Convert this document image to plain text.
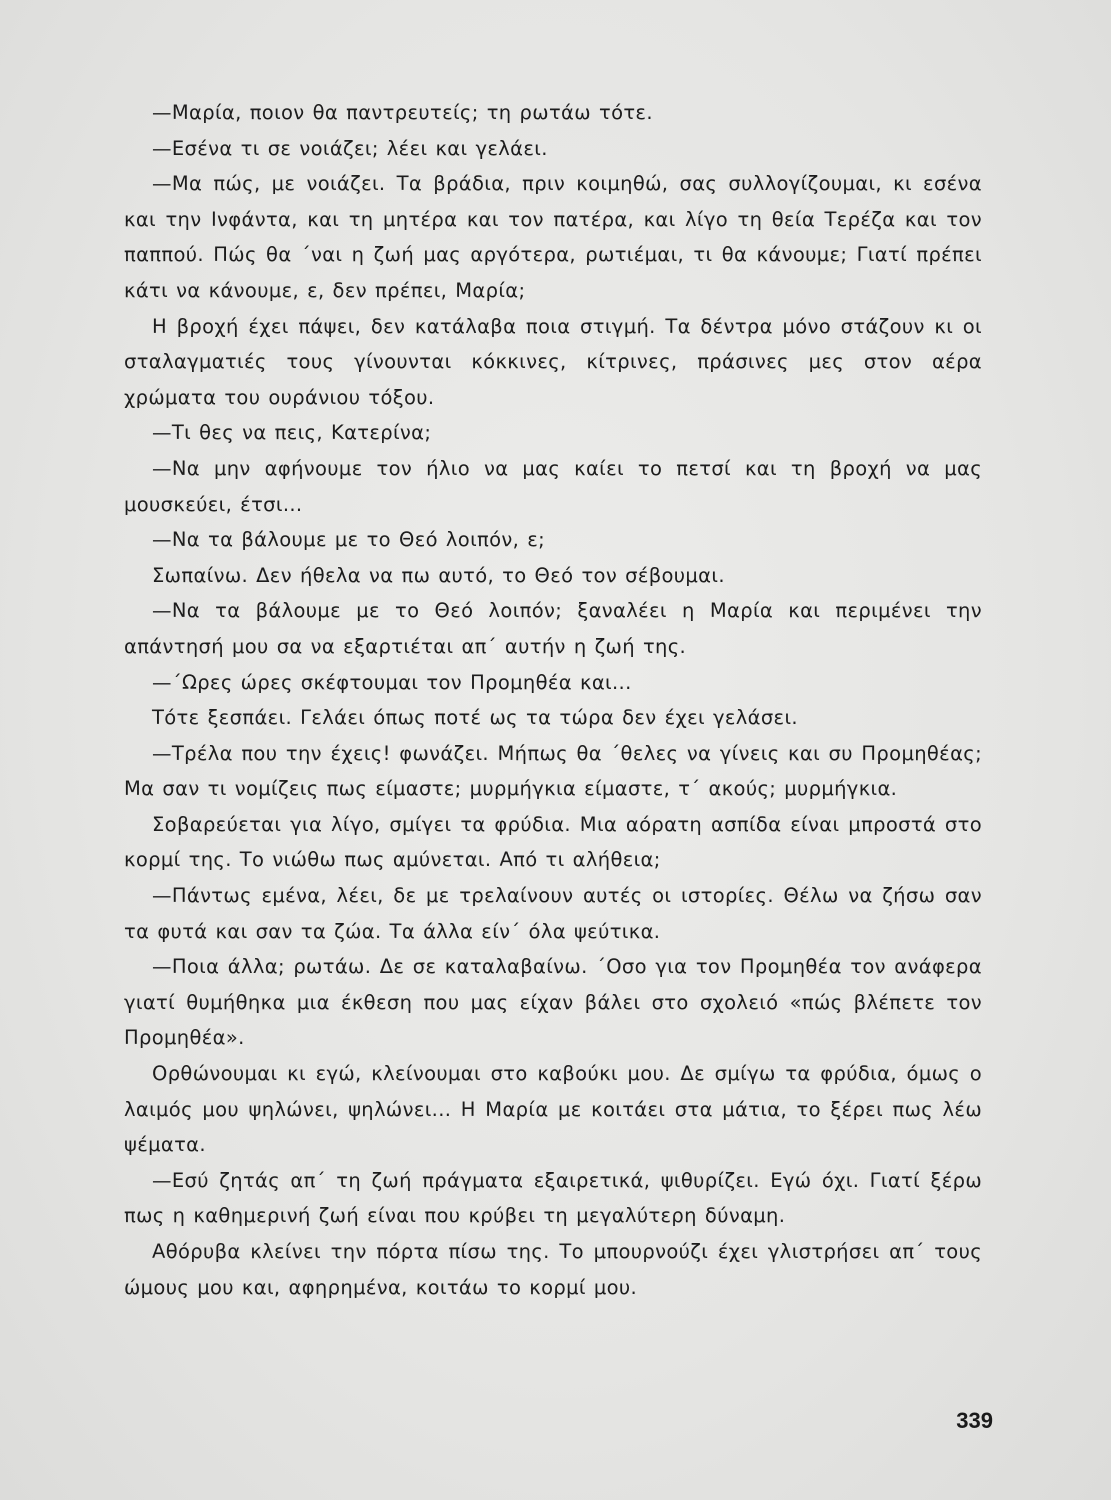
—Μαρία, ποιον θα παντρευτείς; τη ρωτάω τότε.

—Εσένα τι σε νοιάζει; λέει και γελάει.

—Μα πώς, με νοιάζει. Τα βράδια, πριν κοιμηθώ, σας συλλογίζουμαι, κι εσένα και την Ινφάντα, και τη μητέρα και τον πατέρα, και λίγο τη θεία Τερέζα και τον παππού. Πώς θα ΄ναι η ζωή μας αργότερα, ρωτιέμαι, τι θα κάνουμε; Γιατί πρέπει κάτι να κάνουμε, ε, δεν πρέπει, Μαρία;

Η βροχή έχει πάψει, δεν κατάλαβα ποια στιγμή. Τα δέντρα μόνο στάζουν κι οι σταλαγματιές τους γίνουνται κόκκινες, κίτρινες, πράσινες μες στον αέρα χρώματα του ουράνιου τόξου.

—Τι θες να πεις, Κατερίνα;

—Να μην αφήνουμε τον ήλιο να μας καίει το πετσί και τη βροχή να μας μουσκεύει, έτσι...

—Να τα βάλουμε με το Θεό λοιπόν, ε;

Σωπαίνω. Δεν ήθελα να πω αυτό, το Θεό τον σέβουμαι.

—Να τα βάλουμε με το Θεό λοιπόν; ξαναλέει η Μαρία και περιμένει την απάντησή μου σα να εξαρτιέται απ΄ αυτήν η ζωή της.

—΄Ωρες ώρες σκέφτουμαι τον Προμηθέα και...

Τότε ξεσπάει. Γελάει όπως ποτέ ως τα τώρα δεν έχει γελάσει.

—Τρέλα που την έχεις! φωνάζει. Μήπως θα ΄θελες να γίνεις και συ Προμηθέας; Μα σαν τι νομίζεις πως είμαστε; μυρμήγκια είμαστε, τ΄ ακούς; μυρμήγκια.

Σοβαρεύεται για λίγο, σμίγει τα φρύδια. Μια αόρατη ασπίδα είναι μπροστά στο κορμί της. Το νιώθω πως αμύνεται. Από τι αλήθεια;

—Πάντως εμένα, λέει, δε με τρελαίνουν αυτές οι ιστορίες. Θέλω να ζήσω σαν τα φυτά και σαν τα ζώα. Τα άλλα είν΄ όλα ψεύτικα.

—Ποια άλλα; ρωτάω. Δε σε καταλαβαίνω. ΄Οσο για τον Προμηθέα τον ανάφερα γιατί θυμήθηκα μια έκθεση που μας είχαν βάλει στο σχολειό «πώς βλέπετε τον Προμηθέα».

Ορθώνουμαι κι εγώ, κλείνουμαι στο καβούκι μου. Δε σμίγω τα φρύδια, όμως ο λαιμός μου ψηλώνει, ψηλώνει... Η Μαρία με κοιτάει στα μάτια, το ξέρει πως λέω ψέματα.

—Εσύ ζητάς απ΄ τη ζωή πράγματα εξαιρετικά, ψιθυρίζει. Εγώ όχι. Γιατί ξέρω πως η καθημερινή ζωή είναι που κρύβει τη μεγαλύτερη δύναμη.

Αθόρυβα κλείνει την πόρτα πίσω της. Το μπουρνούζι έχει γλιστρήσει απ΄ τους ώμους μου και, αφηρημένα, κοιτάω το κορμί μου.

339
